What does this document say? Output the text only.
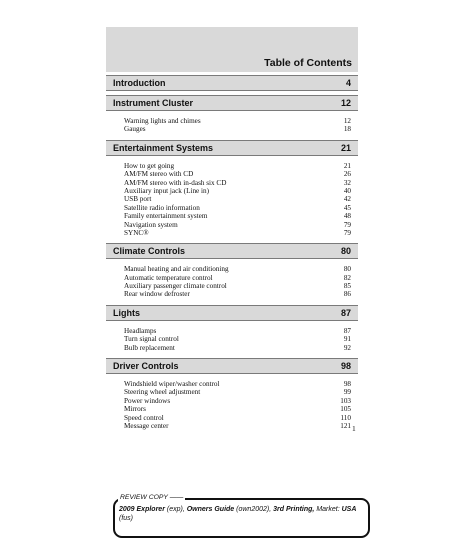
Table of Contents
Introduction	4
Instrument Cluster	12
Warning lights and chimes	12
Gauges	18
Entertainment Systems	21
How to get going	21
AM/FM stereo with CD	26
AM/FM stereo with in-dash six CD	32
Auxiliary input jack (Line in)	40
USB port	42
Satellite radio information	45
Family entertainment system	48
Navigation system	79
SYNC®	79
Climate Controls	80
Manual heating and air conditioning	80
Automatic temperature control	82
Auxiliary passenger climate control	85
Rear window defroster	86
Lights	87
Headlamps	87
Turn signal control	91
Bulb replacement	92
Driver Controls	98
Windshield wiper/washer control	98
Steering wheel adjustment	99
Power windows	103
Mirrors	105
Speed control	110
Message center	121 1
REVIEW COPY ——
2009 Explorer (exp), Owners Guide (own2002), 3rd Printing, Market: USA
(fus)
